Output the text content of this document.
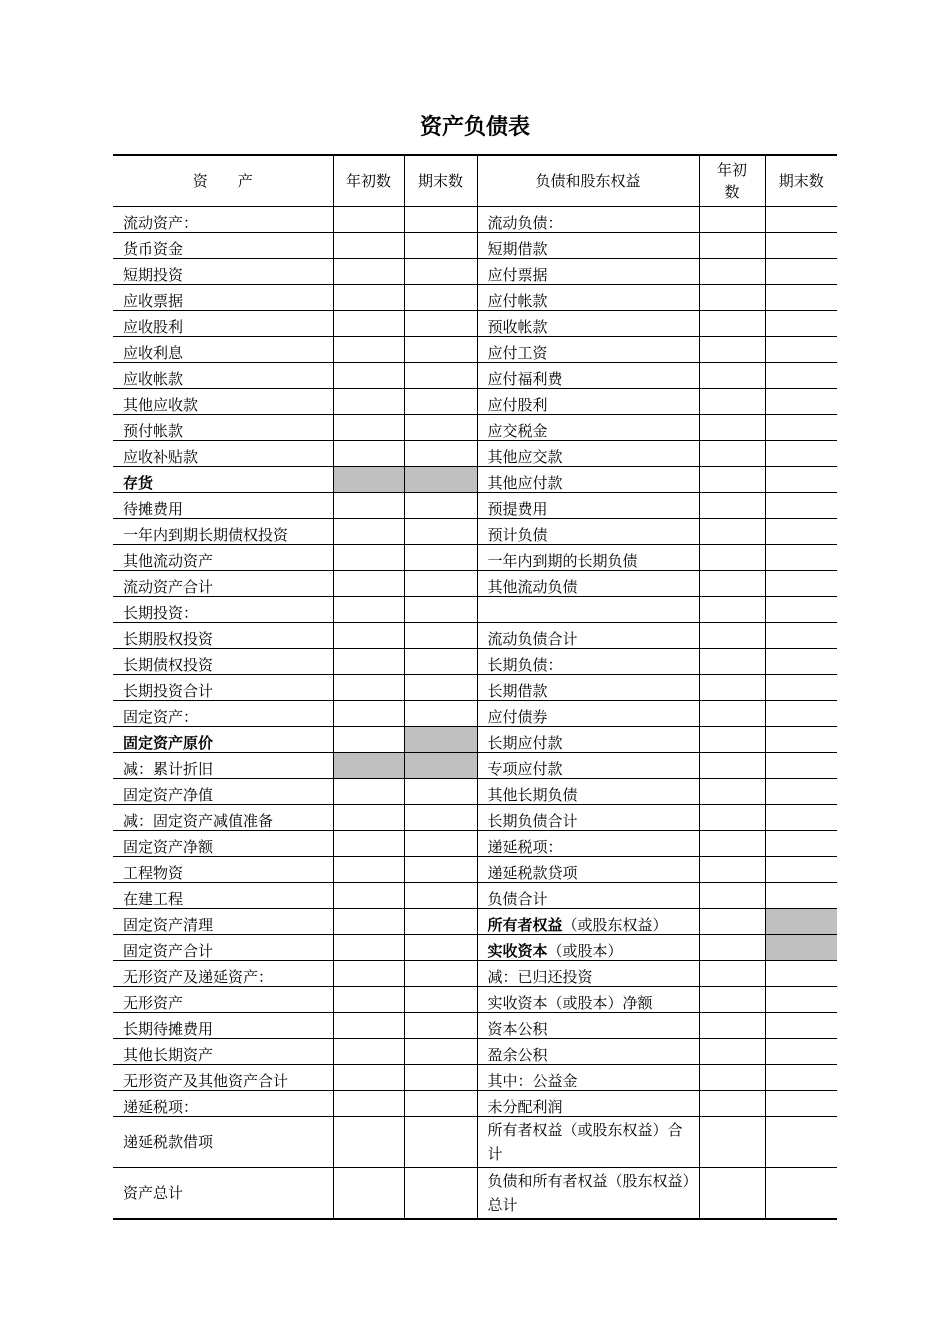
资产负债表
资　　产	年初数	期末数	负债和股东权益	年初数	期末数
流动资产：			流动负债：		
货币资金			短期借款		
短期投资			应付票据		
应收票据			应付帐款		
应收股利			预收帐款		
应收利息			应付工资		
应收帐款			应付福利费		
其他应收款			应付股利		
预付帐款			应交税金		
应收补贴款			其他应交款		
存货			其他应付款		
待摊费用			预提费用		
一年内到期长期债权投资			预计负债		
其他流动资产			一年内到期的长期负债		
流动资产合计			其他流动负债		
长期投资：					
长期股权投资			流动负债合计		
长期债权投资			长期负债：		
长期投资合计			长期借款		
固定资产：			应付债券		
固定资产原价			长期应付款		
减：累计折旧			专项应付款		
固定资产净值			其他长期负债		
减：固定资产减值准备			长期负债合计		
固定资产净额			递延税项：		
工程物资			递延税款贷项		
在建工程			负债合计		
固定资产清理			所有者权益（或股东权益）		
固定资产合计			实收资本（或股本）		
无形资产及递延资产：			减：已归还投资		
无形资产			实收资本（或股本）净额		
长期待摊费用			资本公积		
其他长期资产			盈余公积		
无形资产及其他资产合计			其中：公益金		
递延税项：			未分配利润		
递延税款借项			所有者权益（或股东权益）合计		
资产总计			负债和所有者权益（股东权益）总计		
